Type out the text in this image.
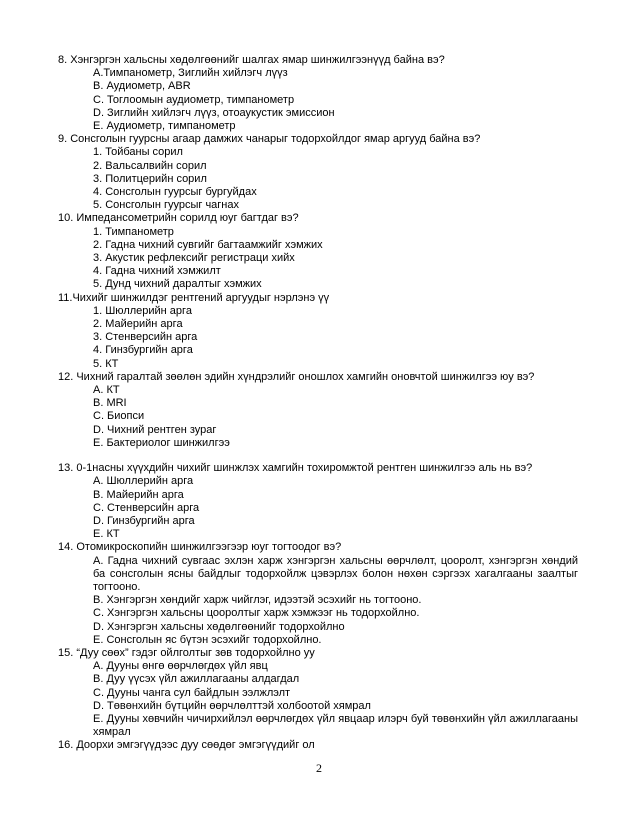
8. Хэнгэргэн хальсны хөдөлгөөнийг шалгах ямар шинжилгээнүүд байна вэ?

A.Тимпанометр, Зиглийн хийлэгч лүүз

B. Аудиометр, ABR

C. Тоглоомын аудиометр, тимпанометр

D. Зиглийн хийлэгч лүүз, отоаукустик эмиссион

E. Аудиометр, тимпанометр

9. Сонсголын гуурсны агаар дамжих чанарыг тодорхойлдог ямар аргууд байна вэ?

1. Тойбаны сорил

2. Вальсалвийн сорил

3. Политцерийн сорил

4. Сонсголын гуурсыг бургуйдах

5. Сонсголын гуурсыг чагнах

10. Импедансометрийн сорилд юуг багтдаг вэ?

1. Тимпанометр

2. Гадна чихний сувгийг багтаамжийг хэмжих

3. Акустик рефлексийг регистраци хийх

4. Гадна чихний хэмжилт

5. Дунд чихний даралтыг хэмжих

11.Чихийг шинжилдэг рентгений аргуудыг нэрлэнэ үү

1. Шюллерийн арга

2. Майерийн арга

3. Стенверсийн арга

4. Гинзбургийн арга

5. КТ

12. Чихний гаралтай зөөлөн эдийн хүндрэлийг оношлох хамгийн оновчтой шинжилгээ юу вэ?

A. КТ

B. MRI

C. Биопси

D. Чихний рентген зураг

E. Бактериолог шинжилгээ

13. 0-1насны хүүхдийн чихийг шинжлэх хамгийн тохиромжтой рентген шинжилгээ аль нь вэ?

A. Шюллерийн арга

B. Майерийн арга

C. Стенверсийн арга

D. Гинзбургийн арга

E. КТ

14. Отомикроскопийн шинжилгээгээр юуг тогтоодог вэ?

A. Гадна чихний сувгаас эхлэн харж хэнгэргэн хальсны өөрчлөлт, цооролт, хэнгэргэн хөндий ба сонсголын ясны байдлыг тодорхойлж цэвэрлэх болон нөхөн сэргээх хагалгааны заалтыг тогтооно.

B. Хэнгэргэн хөндийг харж чийглэг, идээтэй эсэхийг нь тогтооно.

C. Хэнгэргэн хальсны цооролтыг харж хэмжээг нь тодорхойлно.

D. Хэнгэргэн хальсны хөдөлгөөнийг тодорхойлно

E. Сонсголын яс бүтэн эсэхийг тодорхойлно.

15. “Дуу сөөх” гэдэг ойлголтыг зөв тодорхойлно уу

A. Дууны өнгө өөрчлөгдөх үйл явц

B. Дуу үүсэх үйл ажиллагааны алдагдал

C. Дууны чанга сул байдлын ээлжлэлт

D. Төвөнхийн бүтцийн өөрчлөлттэй холбоотой хямрал

E. Дууны хөвчийн чичирхийлэл өөрчлөгдөх үйл явцаар илэрч буй төвөнхийн үйл ажиллагааны хямрал

16. Доорхи эмгэгүүдээс дуу сөөдөг эмгэгүүдийг ол

2
